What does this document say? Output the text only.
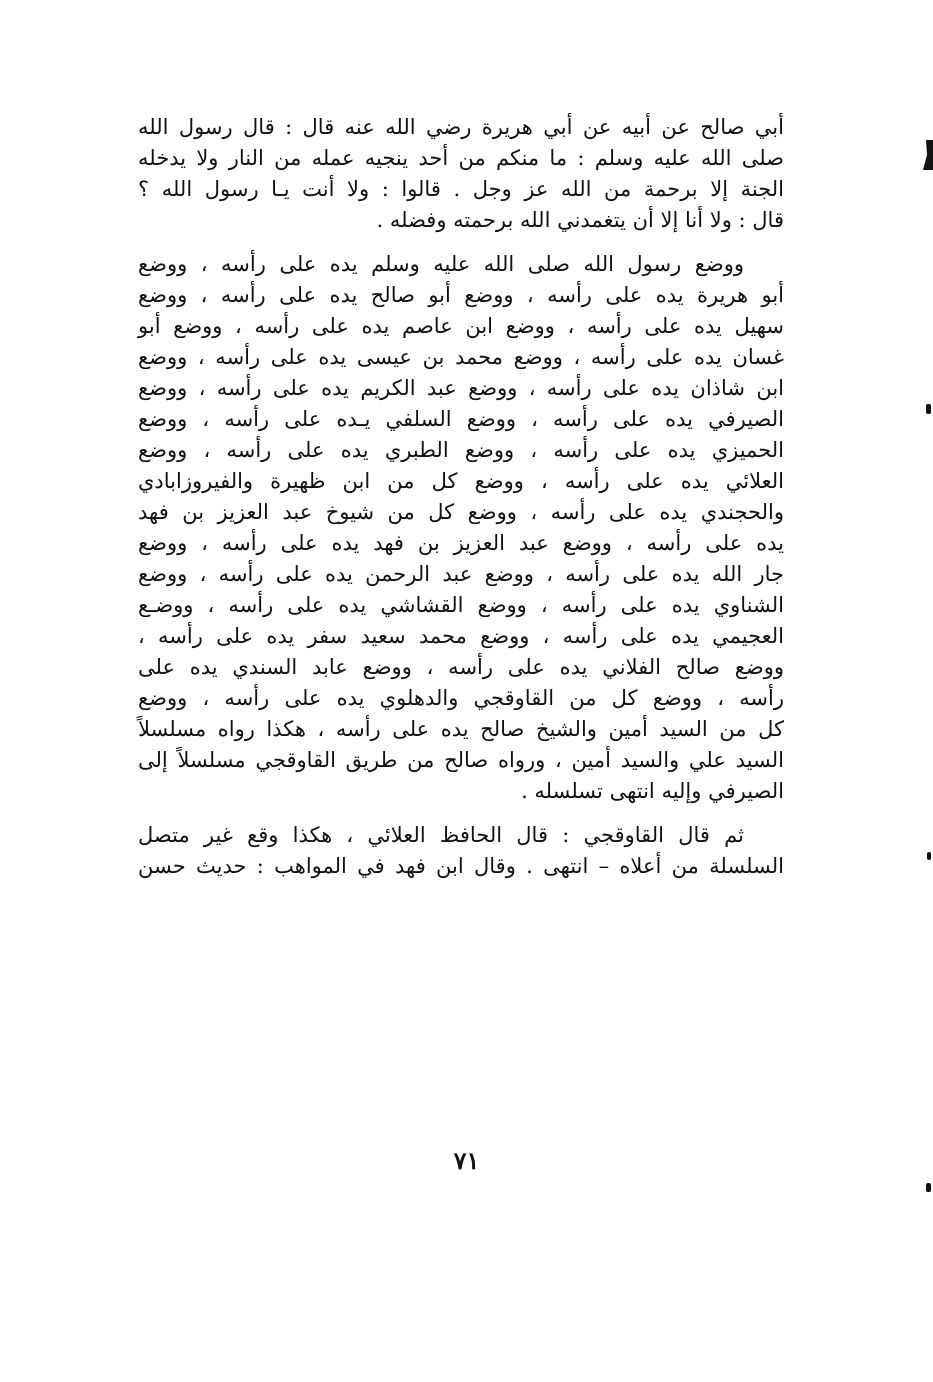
أبي صالح عن أبيه عن أبي هريرة رضي الله عنه قال : قال رسول الله
صلى الله عليه وسلم : ما منكم من أحد ينجيه عمله من النار ولا يدخله
الجنة إلا برحمة من الله عز وجل . قالوا : ولا أنت يـا رسول الله ؟
قال : ولا أنا إلا أن يتغمدني الله برحمته وفضله .
ووضع رسول الله صلى الله عليه وسلم يده على رأسه ، ووضع
أبو هريرة يده على رأسه ، ووضع أبو صالح يده على رأسه ، ووضع
سهيل يده على رأسه ، ووضع ابن عاصم يده على رأسه ، ووضع أبو
غسان يده على رأسه ، ووضع محمد بن عيسى يده على رأسه ، ووضع
ابن شاذان يده على رأسه ، ووضع عبد الكريم يده على رأسه ، ووضع
الصيرفي يده على رأسه ، ووضع السلفي يـده على رأسه ، ووضع
الحميزي يده على رأسه ، ووضع الطبري يده على رأسه ، ووضع
العلائي يده على رأسه ، ووضع كل من ابن ظهيرة والفيروزابادي
والحجندي يده على رأسه ، ووضع كل من شيوخ عبد العزيز بن فهد
يده على رأسه ، ووضع عبد العزيز بن فهد يده على رأسه ، ووضع
جار الله يده على رأسه ، ووضع عبد الرحمن يده على رأسه ، ووضع
الشناوي يده على رأسه ، ووضع القشاشي يده على رأسه ، ووضـع
العجيمي يده على رأسه ، ووضع محمد سعيد سفر يده على رأسه ،
ووضع صالح الفلاني يده على رأسه ، ووضع عابد السندي يده على
رأسه ، ووضع كل من القاوقجي والدهلوي يده على رأسه ، ووضع
كل من السيد أمين والشيخ صالح يده على رأسه ، هكذا رواه مسلسلاً
السيد علي والسيد أمين ، ورواه صالح من طريق القاوقجي مسلسلاً إلى
الصيرفي وإليه انتهى تسلسله .
ثم قال القاوقجي : قال الحافظ العلائي ، هكذا وقع غير متصل
السلسلة من أعلاه – انتهى . وقال ابن فهد في المواهب : حديث حسن
٧١
